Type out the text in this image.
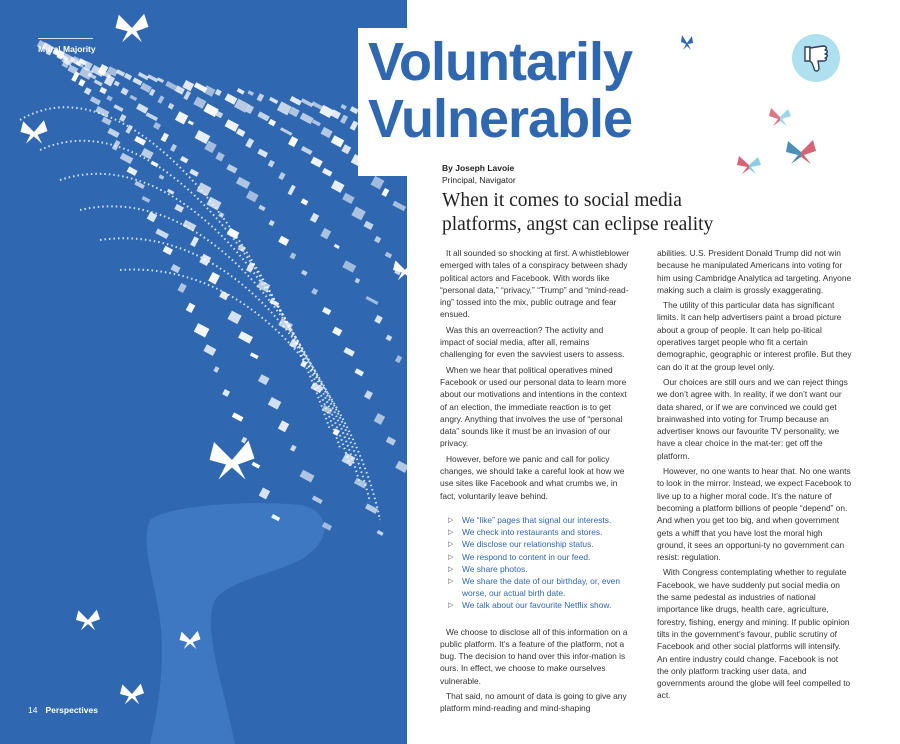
Moral Majority
14 Perspectives
Voluntarily
Vulnerable
By Joseph Lavoie
Principal, Navigator
When it comes to social media
platforms, angst can eclipse reality

It all sounded so shocking at first. A whistleblower emerged with tales of a conspiracy between shady political actors and Facebook. With words like “personal data,” “privacy,” “Trump” and “mind-read-ing” tossed into the mix, public outrage and fear ensued.

Was this an overreaction? The activity and impact of social media, after all, remains challenging for even the savviest users to assess.

When we hear that political operatives mined Facebook or used our personal data to learn more about our motivations and intentions in the context of an election, the immediate reaction is to get angry. Anything that involves the use of “personal data” sounds like it must be an invasion of our privacy.

However, before we panic and call for policy changes, we should take a careful look at how we use sites like Facebook and what crumbs we, in fact, voluntarily leave behind.

▷ We “like” pages that signal our interests.
▷ We check into restaurants and stores.
▷ We disclose our relationship status.
▷ We respond to content in our feed.
▷ We share photos.
▷ We share the date of our birthday, or, even worse, our actual birth date.
▷ We talk about our favourite Netflix show.

We choose to disclose all of this information on a public platform. It’s a feature of the platform, not a bug. The decision to hand over this infor-mation is ours. In effect, we choose to make ourselves vulnerable.

That said, no amount of data is going to give any platform mind-reading and mind-shaping

abilities. U.S. President Donald Trump did not win because he manipulated Americans into voting for him using Cambridge Analytica ad targeting. Anyone making such a claim is grossly exaggerating.

The utility of this particular data has significant limits. It can help advertisers paint a broad picture about a group of people. It can help po-litical operatives target people who fit a certain demographic, geographic or interest profile. But they can do it at the group level only.

Our choices are still ours and we can reject things we don’t agree with. In reality, if we don’t want our data shared, or if we are convinced we could get brainwashed into voting for Trump because an advertiser knows our favourite TV personality, we have a clear choice in the mat-ter: get off the platform.

However, no one wants to hear that. No one wants to look in the mirror. Instead, we expect Facebook to live up to a higher moral code. It’s the nature of becoming a platform billions of people “depend” on. And when you get too big, and when government gets a whiff that you have lost the moral high ground, it sees an opportuni-ty no government can resist: regulation.

With Congress contemplating whether to regulate Facebook, we have suddenly put social media on the same pedestal as industries of national importance like drugs, health care, agriculture, forestry, fishing, energy and mining. If public opinion tilts in the government’s favour, public scrutiny of Facebook and other social platforms will intensify. An entire industry could change. Facebook is not the only platform tracking user data, and governments around the globe will feel compelled to act.
